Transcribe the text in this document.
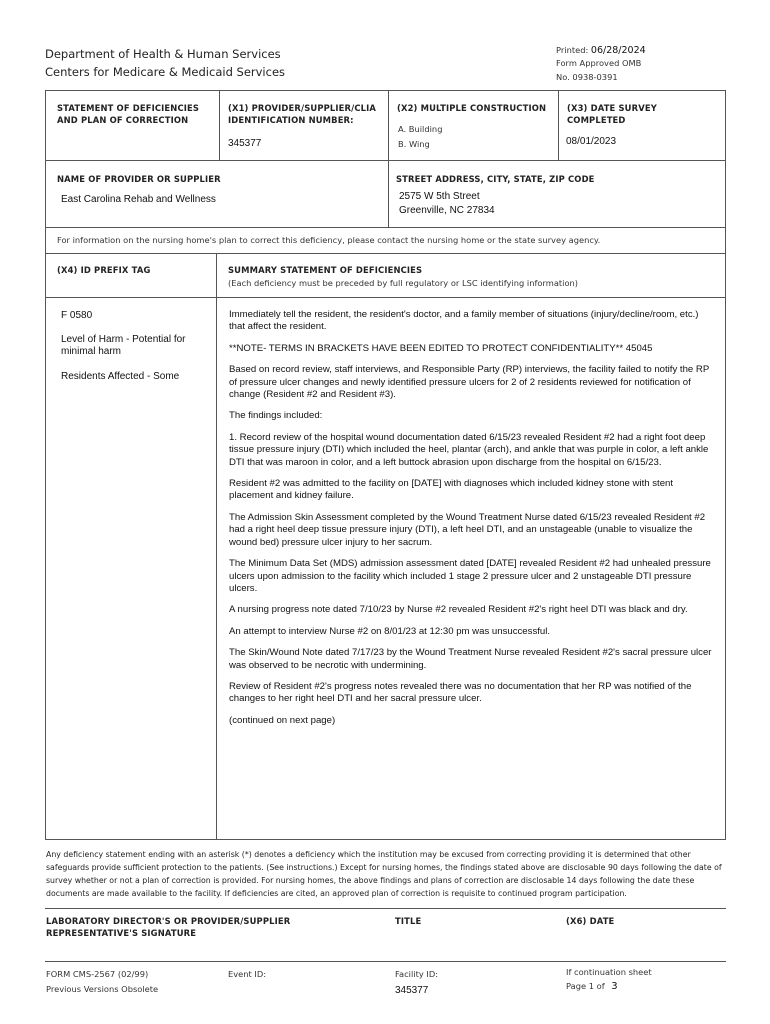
Department of Health & Human Services
Centers for Medicare & Medicaid Services
Printed: 06/28/2024
Form Approved OMB
No. 0938-0391
STATEMENT OF DEFICIENCIES AND PLAN OF CORRECTION
(X1) PROVIDER/SUPPLIER/CLIA IDENTIFICATION NUMBER:
345377
(X2) MULTIPLE CONSTRUCTION
A. Building
B. Wing
(X3) DATE SURVEY COMPLETED
08/01/2023
NAME OF PROVIDER OR SUPPLIER
East Carolina Rehab and Wellness
STREET ADDRESS, CITY, STATE, ZIP CODE
2575 W 5th Street
Greenville, NC 27834
For information on the nursing home's plan to correct this deficiency, please contact the nursing home or the state survey agency.
(X4) ID PREFIX TAG	SUMMARY STATEMENT OF DEFICIENCIES
(Each deficiency must be preceded by full regulatory or LSC identifying information)
F 0580
Level of Harm - Potential for minimal harm
Residents Affected - Some

Immediately tell the resident, the resident's doctor, and a family member of situations (injury/decline/room, etc.) that affect the resident.

**NOTE- TERMS IN BRACKETS HAVE BEEN EDITED TO PROTECT CONFIDENTIALITY** 45045

Based on record review, staff interviews, and Responsible Party (RP) interviews, the facility failed to notify the RP of pressure ulcer changes and newly identified pressure ulcers for 2 of 2 residents reviewed for notification of change (Resident #2 and Resident #3).

The findings included:

1. Record review of the hospital wound documentation dated 6/15/23 revealed Resident #2 had a right foot deep tissue pressure injury (DTI) which included the heel, plantar (arch), and ankle that was purple in color, a left ankle DTI that was maroon in color, and a left buttock abrasion upon discharge from the hospital on 6/15/23.

Resident #2 was admitted to the facility on [DATE] with diagnoses which included kidney stone with stent placement and kidney failure.

The Admission Skin Assessment completed by the Wound Treatment Nurse dated 6/15/23 revealed Resident #2 had a right heel deep tissue pressure injury (DTI), a left heel DTI, and an unstageable (unable to visualize the wound bed) pressure ulcer injury to her sacrum.

The Minimum Data Set (MDS) admission assessment dated [DATE] revealed Resident #2 had unhealed pressure ulcers upon admission to the facility which included 1 stage 2 pressure ulcer and 2 unstageable DTI pressure ulcers.

A nursing progress note dated 7/10/23 by Nurse #2 revealed Resident #2's right heel DTI was black and dry.

An attempt to interview Nurse #2 on 8/01/23 at 12:30 pm was unsuccessful.

The Skin/Wound Note dated 7/17/23 by the Wound Treatment Nurse revealed Resident #2's sacral pressure ulcer was observed to be necrotic with undermining.

Review of Resident #2's progress notes revealed there was no documentation that her RP was notified of the changes to her right heel DTI and her sacral pressure ulcer.

(continued on next page)

Any deficiency statement ending with an asterisk (*) denotes a deficiency which the institution may be excused from correcting providing it is determined that other safeguards provide sufficient protection to the patients. (See instructions.) Except for nursing homes, the findings stated above are disclosable 90 days following the date of survey whether or not a plan of correction is provided. For nursing homes, the above findings and plans of correction are disclosable 14 days following the date these documents are made available to the facility. If deficiencies are cited, an approved plan of correction is requisite to continued program participation.
LABORATORY DIRECTOR'S OR PROVIDER/SUPPLIER REPRESENTATIVE'S SIGNATURE
TITLE	(X6) DATE
FORM CMS-2567 (02/99)
Previous Versions Obsolete
Event ID:	Facility ID:
345377
If continuation sheet
Page 1 of 3
